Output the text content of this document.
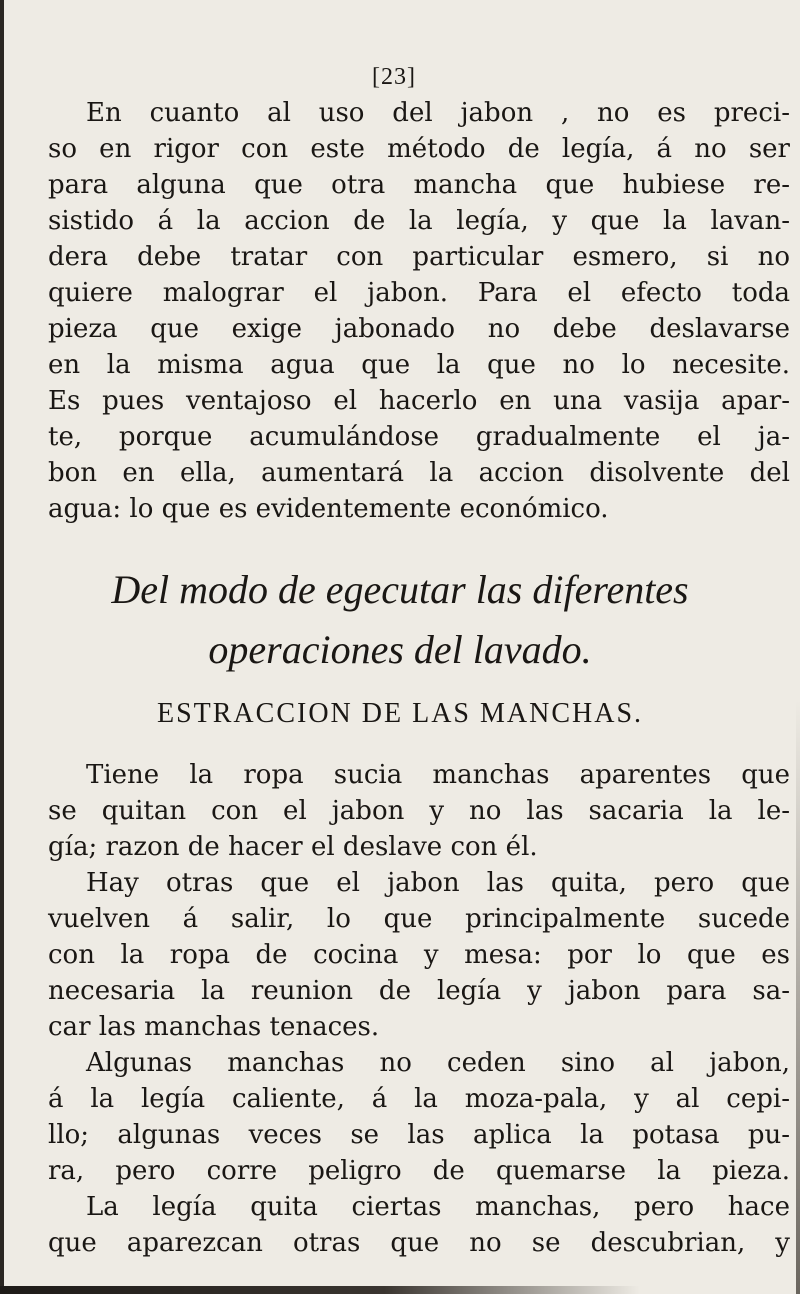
[23]
En cuanto al uso del jabon , no es preci-
so en rigor con este método de legía, á no ser
para alguna que otra mancha que hubiese re-
sistido á la accion de la legía, y que la lavan-
dera debe tratar con particular esmero, si no
quiere malograr el jabon. Para el efecto toda
pieza que exige jabonado no debe deslavarse
en la misma agua que la que no lo necesite.
Es pues ventajoso el hacerlo en una vasija apar-
te, porque acumulándose gradualmente el ja-
bon en ella, aumentará la accion disolvente del
agua: lo que es evidentemente económico.
Del modo de egecutar las diferentes
operaciones del lavado.
ESTRACCION DE LAS MANCHAS.
Tiene la ropa sucia manchas aparentes que
se quitan con el jabon y no las sacaria la le-
gía; razon de hacer el deslave con él.
Hay otras que el jabon las quita, pero que
vuelven á salir, lo que principalmente sucede
con la ropa de cocina y mesa: por lo que es
necesaria la reunion de legía y jabon para sa-
car las manchas tenaces.
Algunas manchas no ceden sino al jabon,
á la legía caliente, á la moza-pala, y al cepi-
llo; algunas veces se las aplica la potasa pu-
ra, pero corre peligro de quemarse la pieza.
La legía quita ciertas manchas, pero hace
que aparezcan otras que no se descubrian, y
